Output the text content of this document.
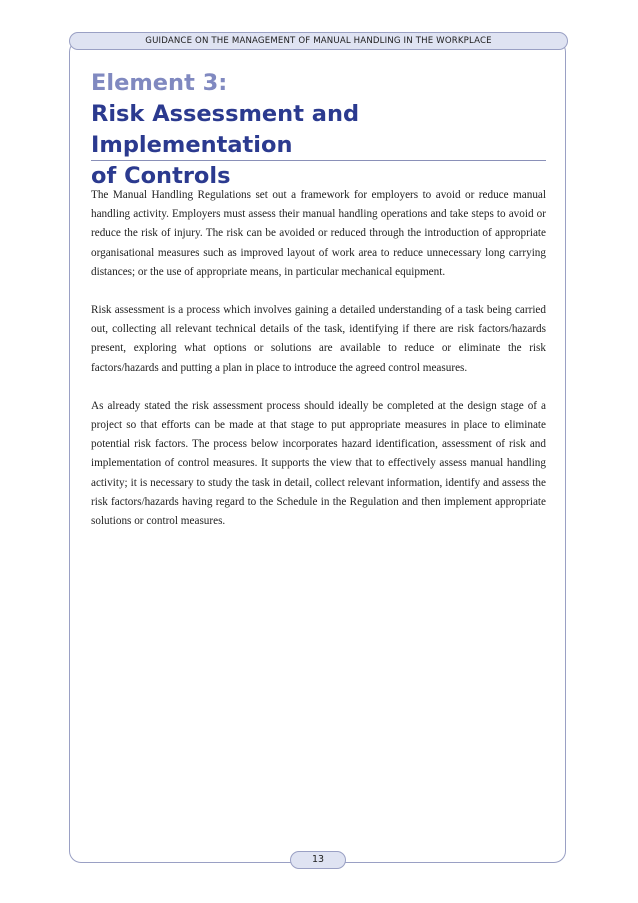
GUIDANCE ON THE MANAGEMENT OF MANUAL HANDLING IN THE WORKPLACE
Element 3:
Risk Assessment and Implementation
of Controls

The Manual Handling Regulations set out a framework for employers to avoid or reduce manual handling activity. Employers must assess their manual handling operations and take steps to avoid or reduce the risk of injury. The risk can be avoided or reduced through the introduction of appropriate organisational measures such as improved layout of work area to reduce unnecessary long carrying distances; or the use of appropriate means, in particular mechanical equipment.

Risk assessment is a process which involves gaining a detailed understanding of a task being carried out, collecting all relevant technical details of the task, identifying if there are risk factors/hazards present, exploring what options or solutions are available to reduce or eliminate the risk factors/hazards and putting a plan in place to introduce the agreed control measures.

As already stated the risk assessment process should ideally be completed at the design stage of a project so that efforts can be made at that stage to put appropriate measures in place to eliminate potential risk factors. The process below incorporates hazard identification, assessment of risk and implementation of control measures. It supports the view that to effectively assess manual handling activity; it is necessary to study the task in detail, collect relevant information, identify and assess the risk factors/hazards having regard to the Schedule in the Regulation and then implement appropriate solutions or control measures.

13
